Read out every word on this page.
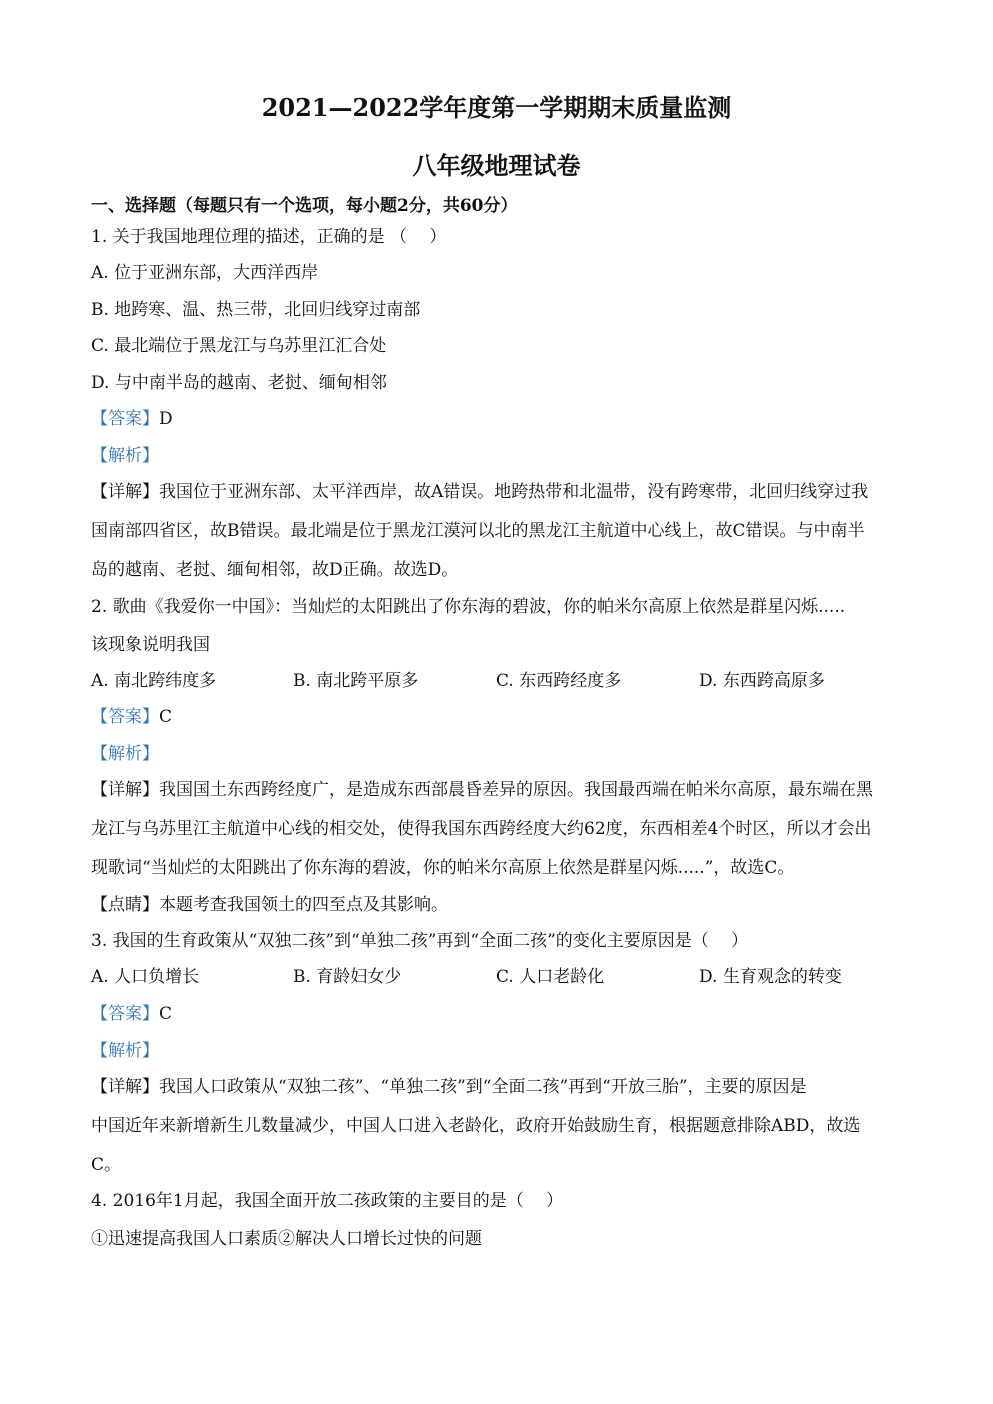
2021—2022学年度第一学期期末质量监测
八年级地理试卷
一、选择题（每题只有一个选项，每小题2分，共60分）
1. 关于我国地理位理的描述，正确的是 （　 ）
A. 位于亚洲东部，大西洋西岸
B. 地跨寒、温、热三带，北回归线穿过南部
C. 最北端位于黑龙江与乌苏里江汇合处
D. 与中南半岛的越南、老挝、缅甸相邻
【答案】D
【解析】
【详解】我国位于亚洲东部、太平洋西岸，故A错误。地跨热带和北温带，没有跨寒带，北回归线穿过我
国南部四省区，故B错误。最北端是位于黑龙江漠河以北的黑龙江主航道中心线上，故C错误。与中南半
岛的越南、老挝、缅甸相邻，故D正确。故选D。
2. 歌曲《我爱你一中国》：当灿烂的太阳跳出了你东海的碧波，你的帕米尔高原上依然是群星闪烁.....
该现象说明我国
A. 南北跨纬度多	B. 南北跨平原多	C. 东西跨经度多	D. 东西跨高原多
【答案】C
【解析】
【详解】我国国土东西跨经度广，是造成东西部晨昏差异的原因。我国最西端在帕米尔高原，最东端在黑
龙江与乌苏里江主航道中心线的相交处，使得我国东西跨经度大约62度，东西相差4个时区，所以才会出
现歌词“当灿烂的太阳跳出了你东海的碧波，你的帕米尔高原上依然是群星闪烁.....”，故选C。
【点睛】本题考查我国领土的四至点及其影响。
3. 我国的生育政策从“双独二孩”到“单独二孩”再到“全面二孩”的变化主要原因是（　 ）
A. 人口负增长	B. 育龄妇女少	C. 人口老龄化	D. 生育观念的转变
【答案】C
【解析】
【详解】我国人口政策从“双独二孩”、“单独二孩”到“全面二孩”再到“开放三胎”，主要的原因是
中国近年来新增新生儿数量减少，中国人口进入老龄化，政府开始鼓励生育，根据题意排除ABD，故选
C。
4. 2016年1月起，我国全面开放二孩政策的主要目的是（　 ）
①迅速提高我国人口素质②解决人口增长过快的问题
